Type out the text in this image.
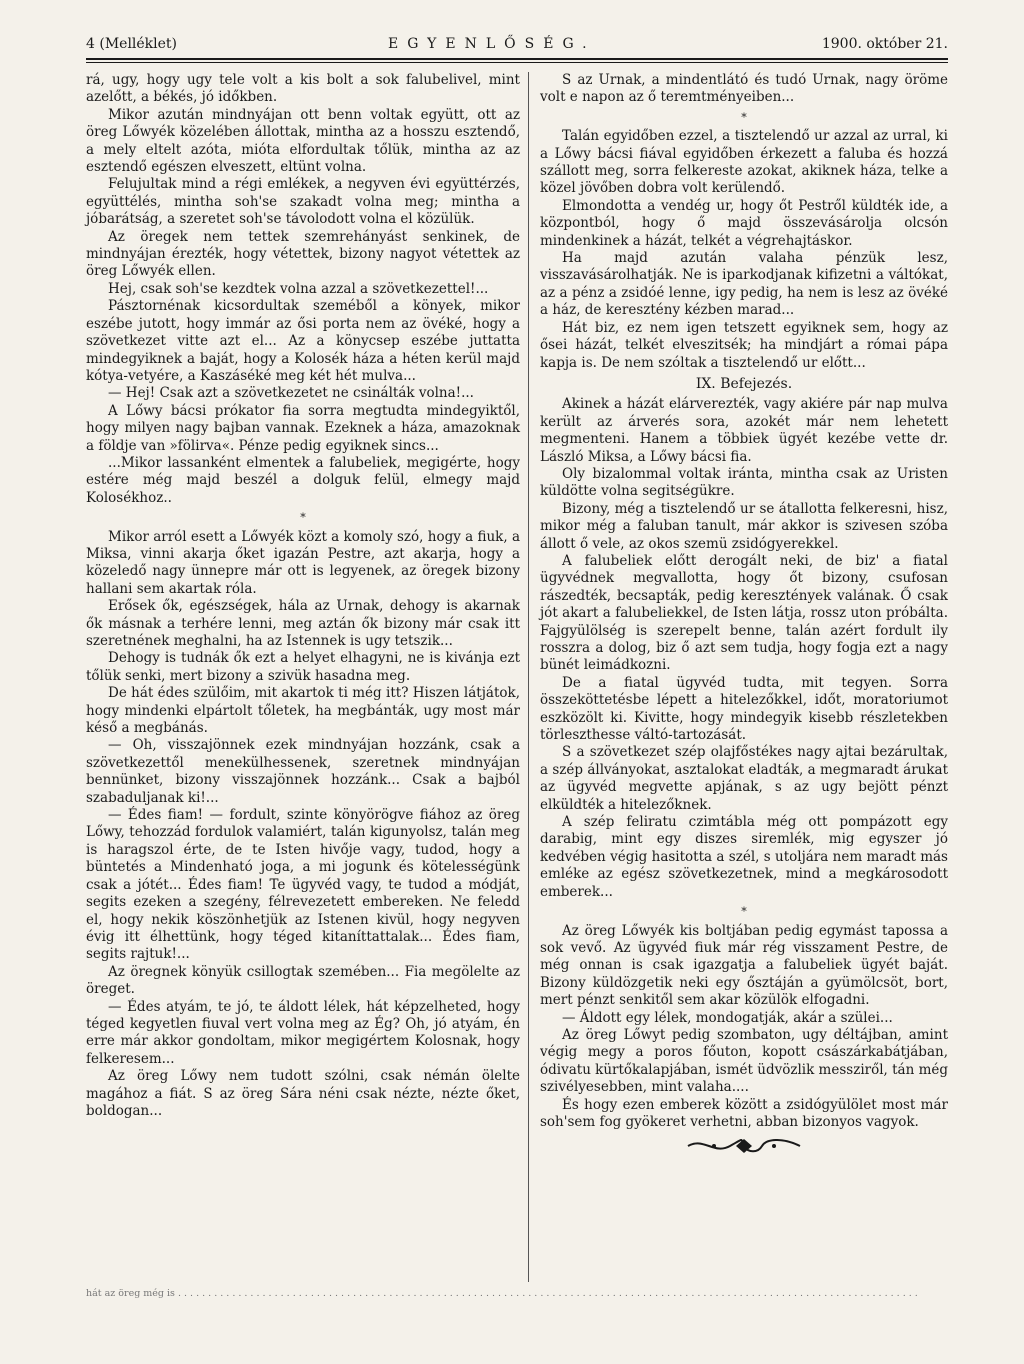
4 (Melléklet)	EGYENLŐSÉG.	1900. október 21.

rá, ugy, hogy ugy tele volt a kis bolt a sok falubelivel, mint azelőtt, a békés, jó időkben.

Mikor azután mindnyájan ott benn voltak együtt, ott az öreg Lőwyék közelében állottak, mintha az a hosszu esztendő, a mely eltelt azóta, mióta elfordultak tőlük, mintha az az esztendő egészen elveszett, eltünt volna.

Felujultak mind a régi emlékek, a negyven évi együttérzés, együttélés, mintha soh'se szakadt volna meg; mintha a jóbarátság, a szeretet soh'se távolodott volna el közülük.

Az öregek nem tettek szemrehányást senkinek, de mindnyájan érezték, hogy vétettek, bizony nagyot vétettek az öreg Lőwyék ellen.

Hej, csak soh'se kezdtek volna azzal a szövetkezettel!...

Pásztornénak kicsordultak szeméből a könyek, mikor eszébe jutott, hogy immár az ősi porta nem az övéké, hogy a szövetkezet vitte azt el... Az a könycsep eszébe juttatta mindegyiknek a baját, hogy a Kolosék háza a héten kerül majd kótya-vetyére, a Kaszáséké meg két hét mulva...

— Hej! Csak azt a szövetkezetet ne csinálták volna!...

A Lőwy bácsi prókator fia sorra megtudta mindegyiktől, hogy milyen nagy bajban vannak. Ezeknek a háza, amazoknak a földje van »fölirva«. Pénze pedig egyiknek sincs...

...Mikor lassanként elmentek a falubeliek, megigérte, hogy estére még majd beszél a dolguk felül, elmegy majd Kolosékhoz..

*

Mikor arról esett a Lőwyék közt a komoly szó, hogy a fiuk, a Miksa, vinni akarja őket igazán Pestre, azt akarja, hogy a közeledő nagy ünnepre már ott is legyenek, az öregek bizony hallani sem akartak róla.

Erősek ők, egészségek, hála az Urnak, dehogy is akarnak ők másnak a terhére lenni, meg aztán ők bizony már csak itt szeretnének meghalni, ha az Istennek is ugy tetszik...

Dehogy is tudnák ők ezt a helyet elhagyni, ne is kivánja ezt tőlük senki, mert bizony a szivük hasadna meg.

De hát édes szülőim, mit akartok ti még itt? Hiszen látjátok, hogy mindenki elpártolt tőletek, ha megbánták, ugy most már késő a megbánás.

— Oh, visszajönnek ezek mindnyájan hozzánk, csak a szövetkezettől menekülhessenek, szeretnek mindnyájan bennünket, bizony visszajönnek hozzánk... Csak a bajból szabaduljanak ki!...

— Édes fiam! — fordult, szinte könyörögve fiához az öreg Lőwy, tehozzád fordulok valamiért, talán kigunyolsz, talán meg is haragszol érte, de te Isten hivője vagy, tudod, hogy a büntetés a Mindenható joga, a mi jogunk és kötelességünk csak a jótét... Édes fiam! Te ügyvéd vagy, te tudod a módját, segits ezeken a szegény, félrevezetett embereken. Ne feledd el, hogy nekik köszönhetjük az Istenen kivül, hogy negyven évig itt élhettünk, hogy téged kitaníttattalak... Édes fiam, segits rajtuk!...

Az öregnek könyük csillogtak szemében... Fia megölelte az öreget.

— Édes atyám, te jó, te áldott lélek, hát képzelheted, hogy téged kegyetlen fiuval vert volna meg az Ég? Oh, jó atyám, én erre már akkor gondoltam, mikor megigértem Kolosnak, hogy felkeresem...

Az öreg Lőwy nem tudott szólni, csak némán ölelte magához a fiát. S az öreg Sára néni csak nézte, nézte őket, boldogan...

S az Urnak, a mindentlátó és tudó Urnak, nagy öröme volt e napon az ő teremtményeiben...

*

Talán egyidőben ezzel, a tisztelendő ur azzal az urral, ki a Lőwy bácsi fiával egyidőben érkezett a faluba és hozzá szállott meg, sorra felkereste azokat, akiknek háza, telke a közel jövőben dobra volt kerülendő.

Elmondotta a vendég ur, hogy őt Pestről küldték ide, a központból, hogy ő majd összevásárolja olcsón mindenkinek a házát, telkét a végrehajtáskor.

Ha majd azután valaha pénzük lesz, visszavásárolhatják. Ne is iparkodjanak kifizetni a váltókat, az a pénz a zsidóé lenne, igy pedig, ha nem is lesz az övéké a ház, de keresztény kézben marad...

Hát biz, ez nem igen tetszett egyiknek sem, hogy az ősei házát, telkét elveszitsék; ha mindjárt a római pápa kapja is. De nem szóltak a tisztelendő ur előtt...

IX. Befejezés.

Akinek a házát elárverezték, vagy akiére pár nap mulva került az árverés sora, azokét már nem lehetett megmenteni. Hanem a többiek ügyét kezébe vette dr. László Miksa, a Lőwy bácsi fia.

Oly bizalommal voltak iránta, mintha csak az Uristen küldötte volna segitségükre.

Bizony, még a tisztelendő ur se átallotta felkeresni, hisz, mikor még a faluban tanult, már akkor is szivesen szóba állott ő vele, az okos szemü zsidógyerekkel.

A falubeliek előtt derogált neki, de biz' a fiatal ügyvédnek megvallotta, hogy őt bizony, csufosan rászedték, becsapták, pedig keresztények valának. Ő csak jót akart a falubeliekkel, de Isten látja, rossz uton próbálta. Fajgyülölség is szerepelt benne, talán azért fordult ily rosszra a dolog, biz ő azt sem tudja, hogy fogja ezt a nagy bünét leimádkozni.

De a fiatal ügyvéd tudta, mit tegyen. Sorra összeköttetésbe lépett a hitelezőkkel, időt, moratoriumot eszközölt ki. Kivitte, hogy mindegyik kisebb részletekben törleszthesse váltó-tartozását.

S a szövetkezet szép olajfőstékes nagy ajtai bezárultak, a szép állványokat, asztalokat eladták, a megmaradt árukat az ügyvéd megvette apjának, s az ugy bejött pénzt elküldték a hitelezőknek.

A szép feliratu czimtábla még ott pompázott egy darabig, mint egy diszes siremlék, mig egyszer jó kedvében végig hasitotta a szél, s utoljára nem maradt más emléke az egész szövetkezetnek, mind a megkárosodott emberek...

*

Az öreg Lőwyék kis boltjában pedig egymást tapossa a sok vevő. Az ügyvéd fiuk már rég visszament Pestre, de még onnan is csak igazgatja a falubeliek ügyét baját. Bizony küldözgetik neki egy ősztáján a gyümölcsöt, bort, mert pénzt senkitől sem akar közülök elfogadni.

— Áldott egy lélek, mondogatják, akár a szülei...

Az öreg Lőwyt pedig szombaton, ugy déltájban, amint végig megy a poros főuton, kopott császárkabátjában, ódivatu kürtőkalapjában, ismét üdvözlik messziről, tán még szivélyesebben, mint valaha....

És hogy ezen emberek között a zsidógyülölet most már soh'sem fog gyökeret verhetni, abban bizonyos vagyok.

hát az öreg még is . . . . . . . . . . . . . . . . . . . . . . . . . . . . . . . . . . . . . . . . . . . . . . . . . . . . . . . . . . . . . . . . . . . . . . . . . . . . . . . . . . . . . . . . . . . . . . . . . . . . . . . . . . . . . . . . . . . . . . . . . . .
